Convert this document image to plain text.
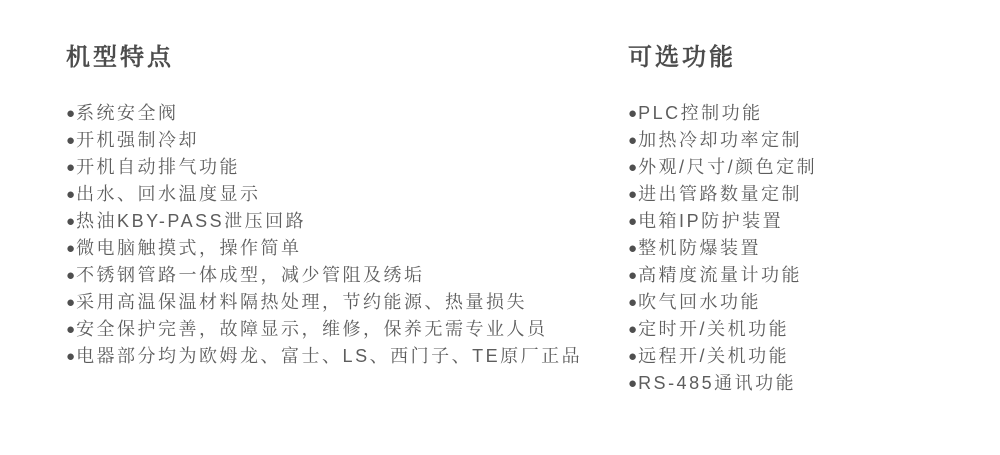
机型特点
● 系统安全阀
● 开机强制冷却
● 开机自动排气功能
● 出水、回水温度显示
● 热油KBY-PASS泄压回路
● 微电脑触摸式，操作简单
● 不锈钢管路一体成型，减少管阻及绣垢
● 采用高温保温材料隔热处理，节约能源、热量损失
● 安全保护完善，故障显示，维修，保养无需专业人员
● 电器部分均为欧姆龙、富士、LS、西门子、TE原厂正品
可选功能
● PLC控制功能
● 加热冷却功率定制
● 外观/尺寸/颜色定制
● 进出管路数量定制
● 电箱IP防护装置
● 整机防爆装置
● 高精度流量计功能
● 吹气回水功能
● 定时开/关机功能
● 远程开/关机功能
● RS-485通讯功能
